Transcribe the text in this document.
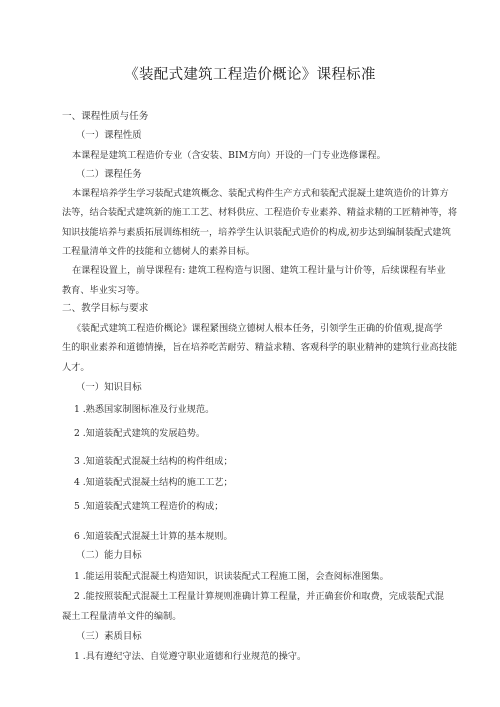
《装配式建筑工程造价概论》课程标准
一、课程性质与任务
（一）课程性质
本课程是建筑工程造价专业（含安装、BIM方向）开设的一门专业选修课程。
（二）课程任务
本课程培养学生学习装配式建筑概念、装配式构件生产方式和装配式混凝土建筑造价的计算方
法等，结合装配式建筑新的施工工艺、材料供应、工程造价专业素养、精益求精的工匠精神等，将
知识技能培养与素质拓展训练相统一，培养学生认识装配式造价的构成,初步达到编制装配式建筑
工程量清单文件的技能和立德树人的素养目标。
在课程设置上，前导课程有: 建筑工程构造与识图、建筑工程计量与计价等，后续课程有毕业
教育、毕业实习等。
二、教学目标与要求
《装配式建筑工程造价概论》课程紧围绕立德树人根本任务，引领学生正确的价值观,提高学
生的职业素养和道德情操，旨在培养吃苦耐劳、精益求精、客观科学的职业精神的建筑行业高技能
人才。
（一）知识目标
1 .熟悉国家制图标准及行业规范。
2 .知道装配式建筑的发展趋势。
3 .知道装配式混凝土结构的构件组成；
4 .知道装配式混凝土结构的施工工艺；
5 .知道装配式建筑工程造价的构成；
6 .知道装配式混凝土计算的基本规则。
（二）能力目标
1 .能运用装配式混凝土构造知识，识读装配式工程施工图，会查阅标准图集。
2 .能按照装配式混凝土工程量计算规则准确计算工程量，并正确套价和取费，完成装配式混
凝土工程量清单文件的编制。
（三）素质目标
1 .具有遵纪守法、自觉遵守职业道德和行业规范的操守。
